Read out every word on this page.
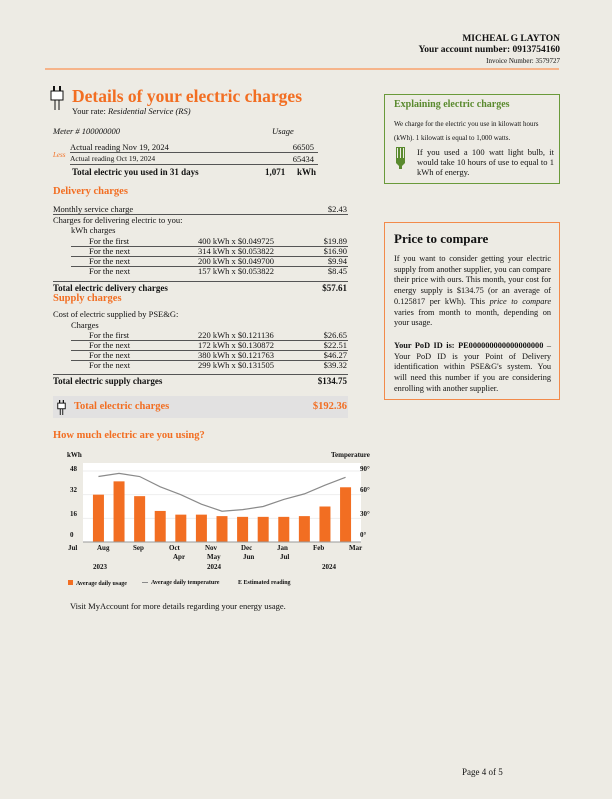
MICHEAL G LAYTON
Your account number: 0913754160
Invoice Number: 3579727
Details of your electric charges
Your rate: Residential Service (RS)
Meter # 100000000	Usage
Actual reading Nov 19, 2024	66505
Less Actual reading Oct 19, 2024	65434
Total electric you used in 31 days	1,071 kWh
Delivery charges
Monthly service charge	$2.43
Charges for delivering electric to you:
kWh charges
For the first	400 kWh x $0.049725	$19.89
For the next	314 kWh x $0.053822	$16.90
For the next	200 kWh x $0.049700	$9.94
For the next	157 kWh x $0.053822	$8.45
Total electric delivery charges	$57.61
Supply charges
Cost of electric supplied by PSE&G:
Charges
For the first	220 kWh x $0.121136	$26.65
For the next	172 kWh x $0.130872	$22.51
For the next	380 kWh x $0.121763	$46.27
For the next	299 kWh x $0.131505	$39.32
Total electric supply charges	$134.75
Total electric charges	$192.36
Explaining electric charges
We charge for the electric you use in kilowatt hours (kWh). 1 kilowatt is equal to 1,000 watts.
If you used a 100 watt light bulb, it would take 10 hours of use to equal to 1 kWh of energy.
Price to compare
If you want to consider getting your electric supply from another supplier, you can compare their price with ours. This month, your cost for energy supply is $134.75 (or an average of 0.125817 per kWh). This price to compare varies from month to month, depending on your usage.
Your PoD ID is: PE000000000000000000 – Your PoD ID is your Point of Delivery identification within PSE&G's system. You will need this number if you are considering enrolling with another supplier.
How much electric are you using?
kWh	Temperature
48
32
16
0
90°
60°
30°
0°
Jul	Aug	Sep	Oct	Nov	Dec	Jan	Feb	Mar
Apr	May	Jun	Jul
2023	2024	2024
Average daily usage	Average daily temperature	E Estimated reading
Visit MyAccount for more details regarding your energy usage.
Page 4 of 5
